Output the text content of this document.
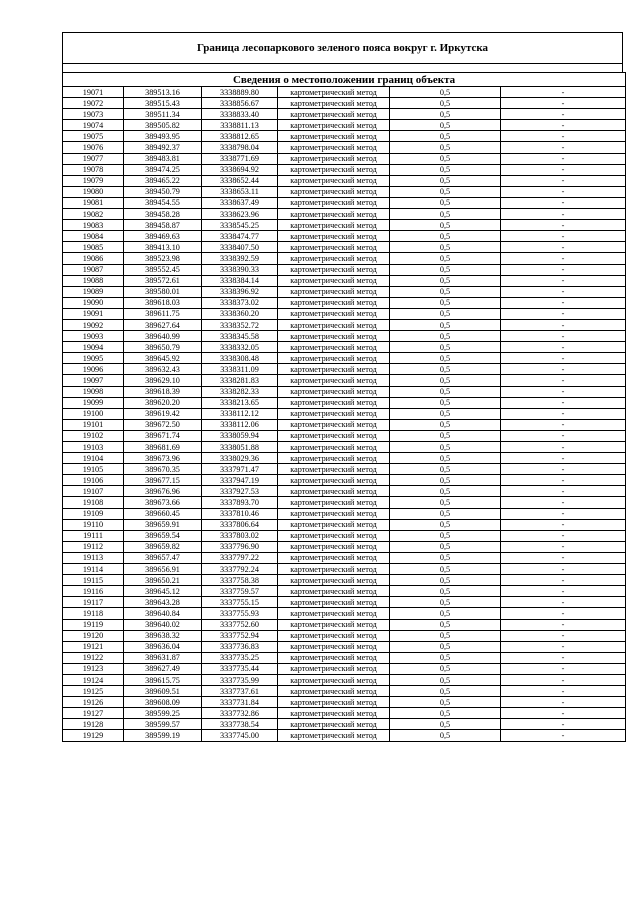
Граница лесопаркового зеленого пояса вокруг г. Иркутска
Сведения о местоположении границ объекта					
19071	389513.16	3338889.80	картометрический метод	0,5	-
19072	389515.43	3338856.67	картометрический метод	0,5	-
19073	389511.34	3338833.40	картометрический метод	0,5	-
19074	389505.82	3338811.13	картометрический метод	0,5	-
19075	389493.95	3338812.65	картометрический метод	0,5	-
19076	389492.37	3338798.04	картометрический метод	0,5	-
19077	389483.81	3338771.69	картометрический метод	0,5	-
19078	389474.25	3338694.92	картометрический метод	0,5	-
19079	389465.22	3338652.44	картометрический метод	0,5	-
19080	389450.79	3338653.11	картометрический метод	0,5	-
19081	389454.55	3338637.49	картометрический метод	0,5	-
19082	389458.28	3338623.96	картометрический метод	0,5	-
19083	389458.87	3338545.25	картометрический метод	0,5	-
19084	389469.63	3338474.77	картометрический метод	0,5	-
19085	389413.10	3338407.50	картометрический метод	0,5	-
19086	389523.98	3338392.59	картометрический метод	0,5	-
19087	389552.45	3338390.33	картометрический метод	0,5	-
19088	389572.61	3338384.14	картометрический метод	0,5	-
19089	389580.01	3338396.92	картометрический метод	0,5	-
19090	389618.03	3338373.02	картометрический метод	0,5	-
19091	389611.75	3338360.20	картометрический метод	0,5	-
19092	389627.64	3338352.72	картометрический метод	0,5	-
19093	389640.99	3338345.58	картометрический метод	0,5	-
19094	389650.79	3338332.05	картометрический метод	0,5	-
19095	389645.92	3338308.48	картометрический метод	0,5	-
19096	389632.43	3338311.09	картометрический метод	0,5	-
19097	389629.10	3338281.83	картометрический метод	0,5	-
19098	389618.39	3338282.33	картометрический метод	0,5	-
19099	389620.20	3338213.65	картометрический метод	0,5	-
19100	389619.42	3338112.12	картометрический метод	0,5	-
19101	389672.50	3338112.06	картометрический метод	0,5	-
19102	389671.74	3338059.94	картометрический метод	0,5	-
19103	389681.69	3338051.88	картометрический метод	0,5	-
19104	389673.96	3338029.36	картометрический метод	0,5	-
19105	389670.35	3337971.47	картометрический метод	0,5	-
19106	389677.15	3337947.19	картометрический метод	0,5	-
19107	389676.96	3337927.53	картометрический метод	0,5	-
19108	389673.66	3337893.70	картометрический метод	0,5	-
19109	389660.45	3337810.46	картометрический метод	0,5	-
19110	389659.91	3337806.64	картометрический метод	0,5	-
19111	389659.54	3337803.02	картометрический метод	0,5	-
19112	389659.82	3337796.90	картометрический метод	0,5	-
19113	389657.47	3337797.22	картометрический метод	0,5	-
19114	389656.91	3337792.24	картометрический метод	0,5	-
19115	389650.21	3337758.38	картометрический метод	0,5	-
19116	389645.12	3337759.57	картометрический метод	0,5	-
19117	389643.28	3337755.15	картометрический метод	0,5	-
19118	389640.84	3337755.93	картометрический метод	0,5	-
19119	389640.02	3337752.60	картометрический метод	0,5	-
19120	389638.32	3337752.94	картометрический метод	0,5	-
19121	389636.04	3337736.83	картометрический метод	0,5	-
19122	389631.87	3337735.25	картометрический метод	0,5	-
19123	389627.49	3337735.44	картометрический метод	0,5	-
19124	389615.75	3337735.99	картометрический метод	0,5	-
19125	389609.51	3337737.61	картометрический метод	0,5	-
19126	389608.09	3337731.84	картометрический метод	0,5	-
19127	389599.25	3337732.86	картометрический метод	0,5	-
19128	389599.57	3337738.54	картометрический метод	0,5	-
19129	389599.19	3337745.00	картометрический метод	0,5	-
